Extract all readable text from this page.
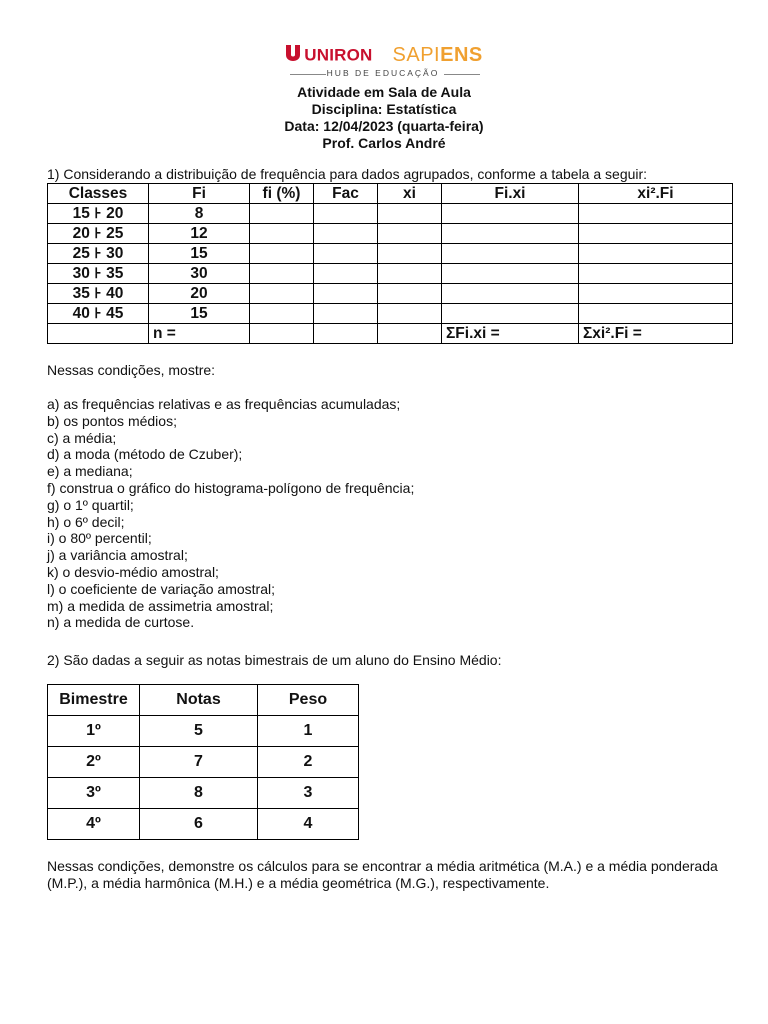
UNIRON SAPIENS
HUB DE EDUCAÇÃO
Atividade em Sala de Aula
Disciplina: Estatística
Data: 12/04/2023 (quarta-feira)
Prof. Carlos André
1) Considerando a distribuição de frequência para dados agrupados, conforme a tabela a seguir:
Classes	Fi	fi (%)	Fac	xi	Fi.xi	xi².Fi
15 ꜔ 20	8					
20 ꜔ 25	12					
25 ꜔ 30	15					
30 ꜔ 35	30					
35 ꜔ 40	20					
40 ꜔ 45	15					
	n =				ΣFi.xi =	Σxi².Fi =
Nessas condições, mostre:
a) as frequências relativas e as frequências acumuladas;
b) os pontos médios;
c) a média;
d) a moda (método de Czuber);
e) a mediana;
f) construa o gráfico do histograma-polígono de frequência;
g) o 1º quartil;
h) o 6º decil;
i) o 80º percentil;
j) a variância amostral;
k) o desvio-médio amostral;
l) o coeficiente de variação amostral;
m) a medida de assimetria amostral;
n) a medida de curtose.
2) São dadas a seguir as notas bimestrais de um aluno do Ensino Médio:
Bimestre	Notas	Peso
1º	5	1
2º	7	2
3º	8	3
4º	6	4
Nessas condições, demonstre os cálculos para se encontrar a média aritmética (M.A.) e a média ponderada (M.P.), a média harmônica (M.H.) e a média geométrica (M.G.), respectivamente.
